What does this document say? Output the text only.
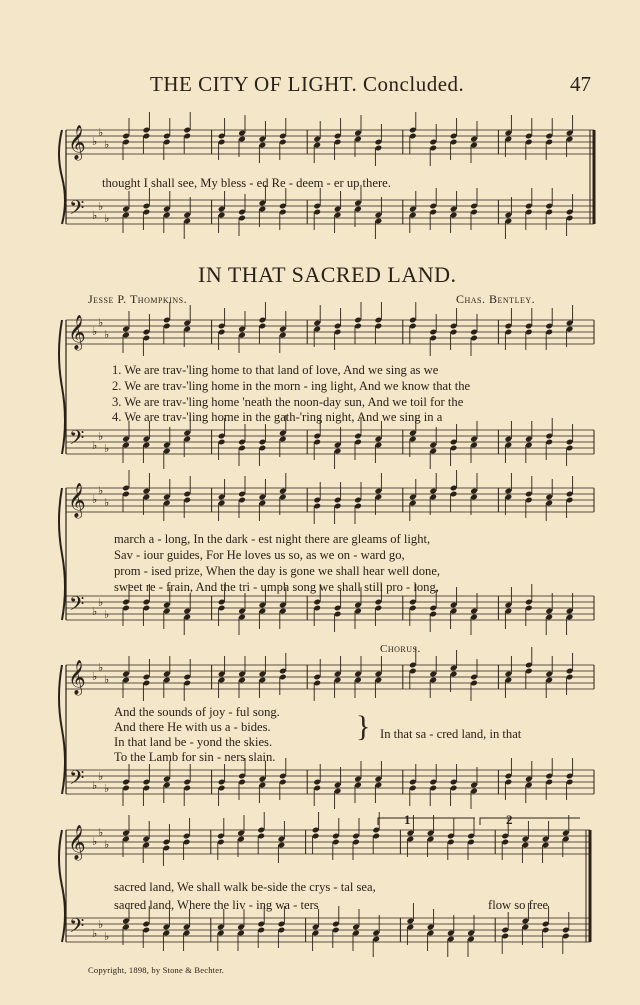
THE CITY OF LIGHT. Concluded.	47
𝄞
𝄢
♭
♭
♭
♭
♭
♭
𝄞
𝄢
♭
♭
♭
♭
♭
♭
𝄞
𝄢
♭
♭
♭
♭
♭
♭
𝄞
𝄢
♭
♭
♭
♭
♭
♭
𝄞
𝄢
♭
♭
♭
♭
♭
♭
thought I shall see, My bless - ed Re - deem - er up there.
IN THAT SACRED LAND.
Jesse P. Thompkins.	Chas. Bentley.
1. We are trav-'ling home to that land of love, And we sing as we
2. We are trav-'ling home in the morn - ing light, And we know that the
3. We are trav-'ling home 'neath the noon-day sun, And we toil for the
4. We are trav-'ling home in the gath-'ring night, And we sing in a
march a - long, In the dark - est night there are gleams of light,
Sav - iour guides, For He loves us so, as we on - ward go,
prom - ised prize, When the day is gone we shall hear well done,
sweet re - frain, And the tri - umph song we shall still pro - long,
Chorus.
And the sounds of joy - ful song.
And there He with us a - bides.
In that land be - yond the skies.
To the Lamb for sin - ners slain.
} In that sa - cred land, in that
1	2
sacred land, We shall walk be-side the crys - tal sea,
sacred land, Where the liv - ing wa - ters	flow so free
Copyright, 1898, by Stone & Bechter.
